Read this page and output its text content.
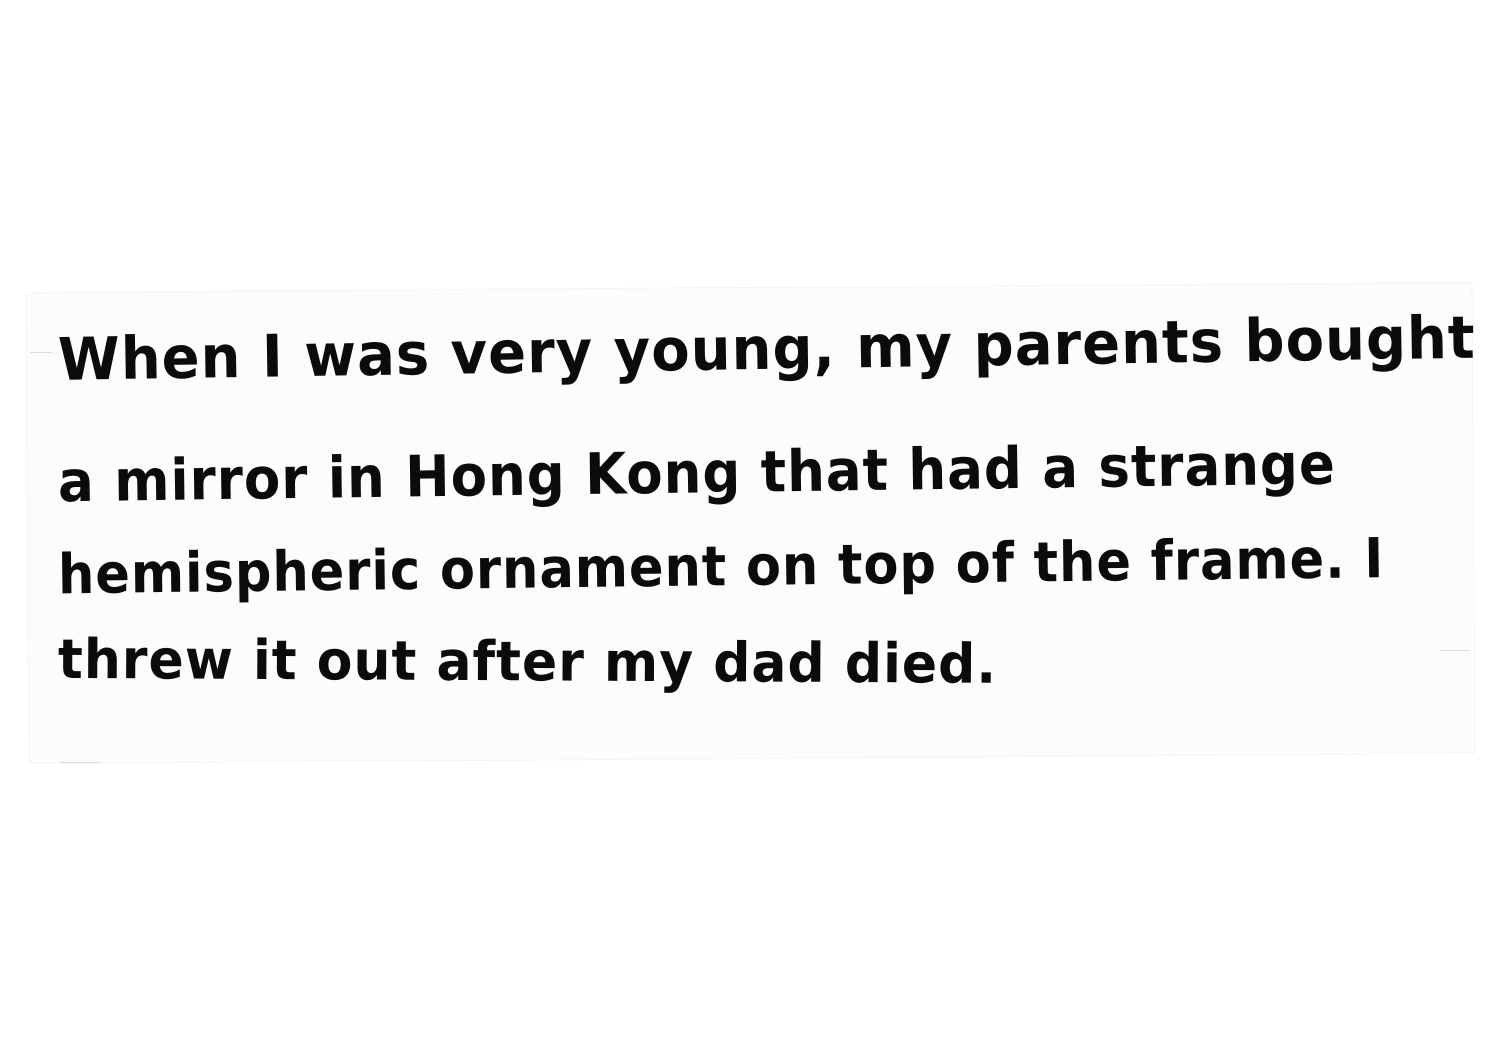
When I was very young, my parents bought
a mirror in Hong Kong that had a strange
hemispheric ornament on top of the frame. I
threw it out after my dad died.
